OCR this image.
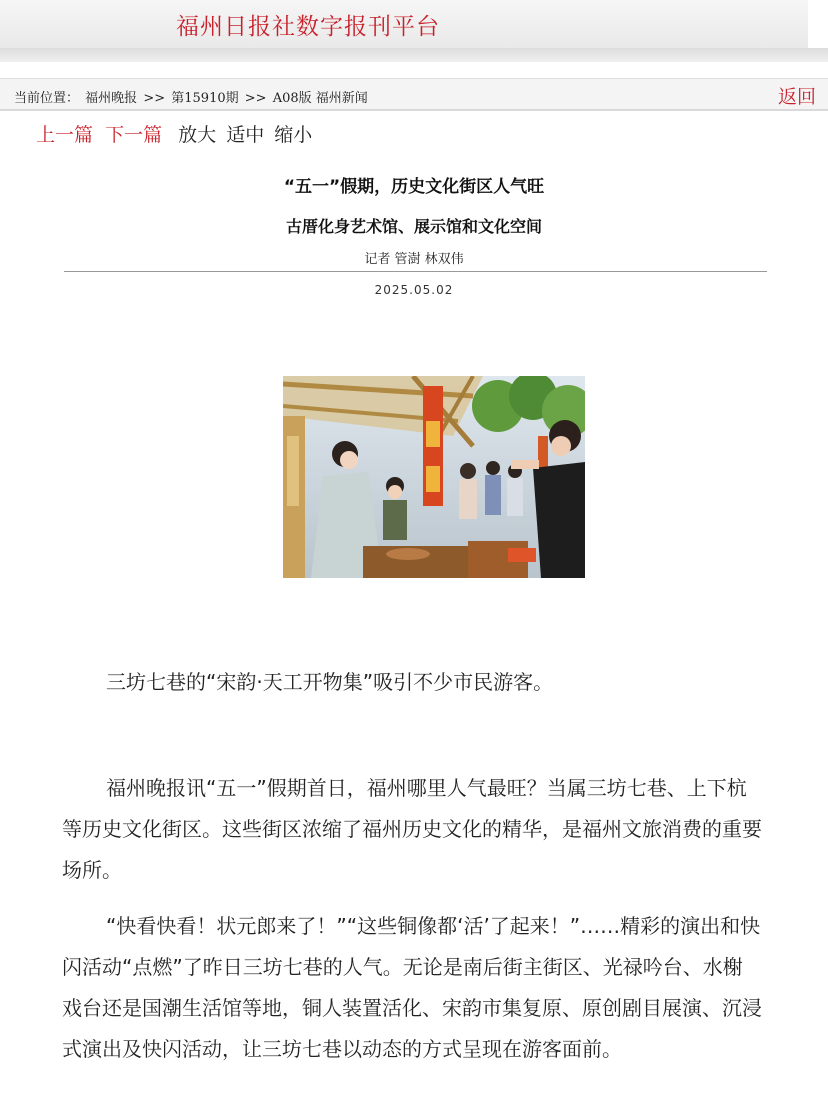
福州日报社数字报刊平台
当前位置： 福州晚报 >> 第15910期 >> A08版 福州新闻	返回
上一篇 下一篇 放大 适中 缩小
“五一”假期，历史文化街区人气旺
古厝化身艺术馆、展示馆和文化空间
记者 管澍 林双伟
2025.05.02
三坊七巷的“宋韵·天工开物集”吸引不少市民游客。

福州晚报讯“五一”假期首日，福州哪里人气最旺？当属三坊七巷、上下杭等历史文化街区。这些街区浓缩了福州历史文化的精华，是福州文旅消费的重要场所。

“快看快看！状元郎来了！”“这些铜像都‘活’了起来！”……精彩的演出和快闪活动“点燃”了昨日三坊七巷的人气。无论是南后街主街区、光禄吟台、水榭戏台还是国潮生活馆等地，铜人装置活化、宋韵市集复原、原创剧目展演、沉浸式演出及快闪活动，让三坊七巷以动态的方式呈现在游客面前。
